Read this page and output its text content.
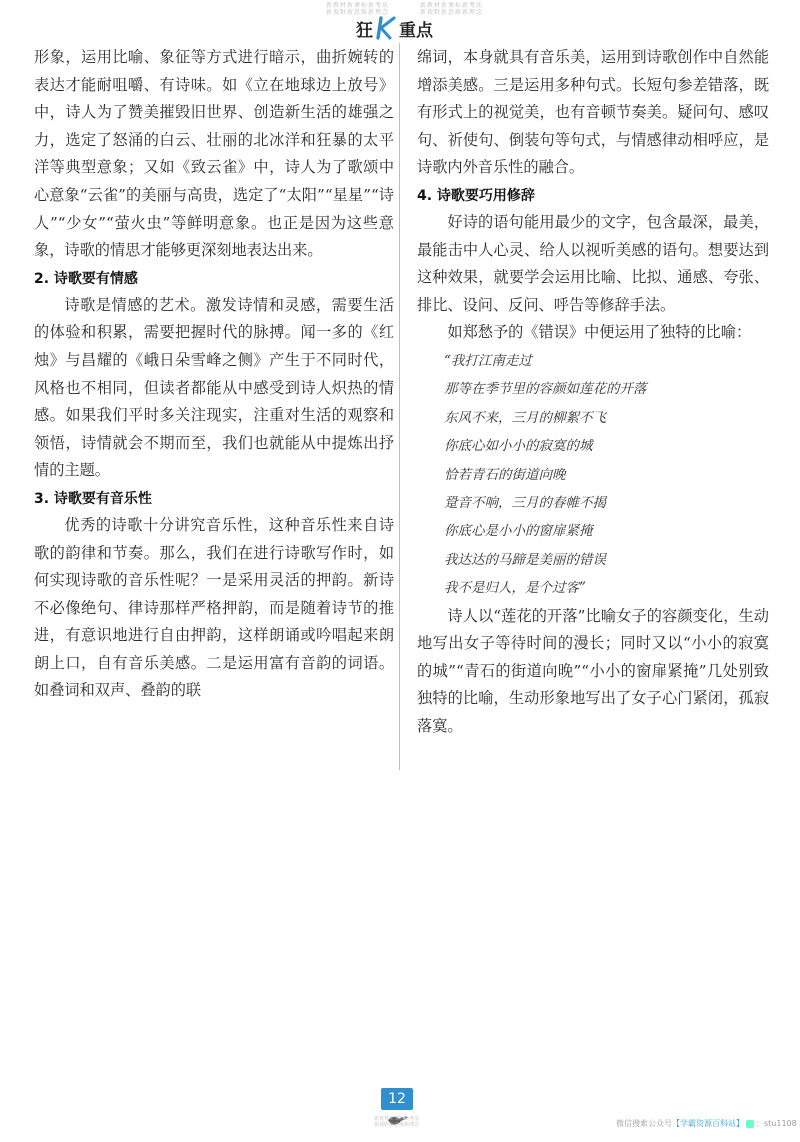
新教材新课标新考法 新视野新思维新理念
新教材新课标新考法 新视野新思维新理念
狂 重点

形象，运用比喻、象征等方式进行暗示，曲折婉转的表达才能耐咀嚼、有诗味。如《立在地球边上放号》中，诗人为了赞美摧毁旧世界、创造新生活的雄强之力，选定了怒涌的白云、壮丽的北冰洋和狂暴的太平洋等典型意象；又如《致云雀》中，诗人为了歌颂中心意象“云雀”的美丽与高贵，选定了“太阳”“星星”“诗人”“少女”“萤火虫”等鲜明意象。也正是因为这些意象，诗歌的情思才能够更深刻地表达出来。

2. 诗歌要有情感

诗歌是情感的艺术。激发诗情和灵感，需要生活的体验和积累，需要把握时代的脉搏。闻一多的《红烛》与昌耀的《峨日朵雪峰之侧》产生于不同时代，风格也不相同，但读者都能从中感受到诗人炽热的情感。如果我们平时多关注现实，注重对生活的观察和领悟，诗情就会不期而至，我们也就能从中提炼出抒情的主题。

3. 诗歌要有音乐性

优秀的诗歌十分讲究音乐性，这种音乐性来自诗歌的韵律和节奏。那么，我们在进行诗歌写作时，如何实现诗歌的音乐性呢？一是采用灵活的押韵。新诗不必像绝句、律诗那样严格押韵，而是随着诗节的推进，有意识地进行自由押韵，这样朗诵或吟唱起来朗朗上口，自有音乐美感。二是运用富有音韵的词语。如叠词和双声、叠韵的联

绵词，本身就具有音乐美，运用到诗歌创作中自然能增添美感。三是运用多种句式。长短句参差错落，既有形式上的视觉美，也有音顿节奏美。疑问句、感叹句、祈使句、倒装句等句式，与情感律动相呼应，是诗歌内外音乐性的融合。

4. 诗歌要巧用修辞

好诗的语句能用最少的文字，包含最深，最美，最能击中人心灵、给人以视听美感的语句。想要达到这种效果，就要学会运用比喻、比拟、通感、夸张、排比、设问、反问、呼告等修辞手法。

如郑愁予的《错误》中便运用了独特的比喻：

“我打江南走过
那等在季节里的容颜如莲花的开落
东风不来，三月的柳絮不飞
你底心如小小的寂寞的城
恰若青石的街道向晚
跫音不响，三月的春帷不揭
你底心是小小的窗扉紧掩
我达达的马蹄是美丽的错误
我不是归人，是个过客”

诗人以“莲花的开落”比喻女子的容颜变化，生动地写出女子等待时间的漫长；同时又以“小小的寂寞的城”“青石的街道向晚”“小小的窗扉紧掩”几处别致独特的比喻，生动形象地写出了女子心门紧闭，孤寂落寞。

12
新教材新课标新考法 新视野新思维新理念	微信搜索公众号【学霸资源百科站】 ：stu1108
